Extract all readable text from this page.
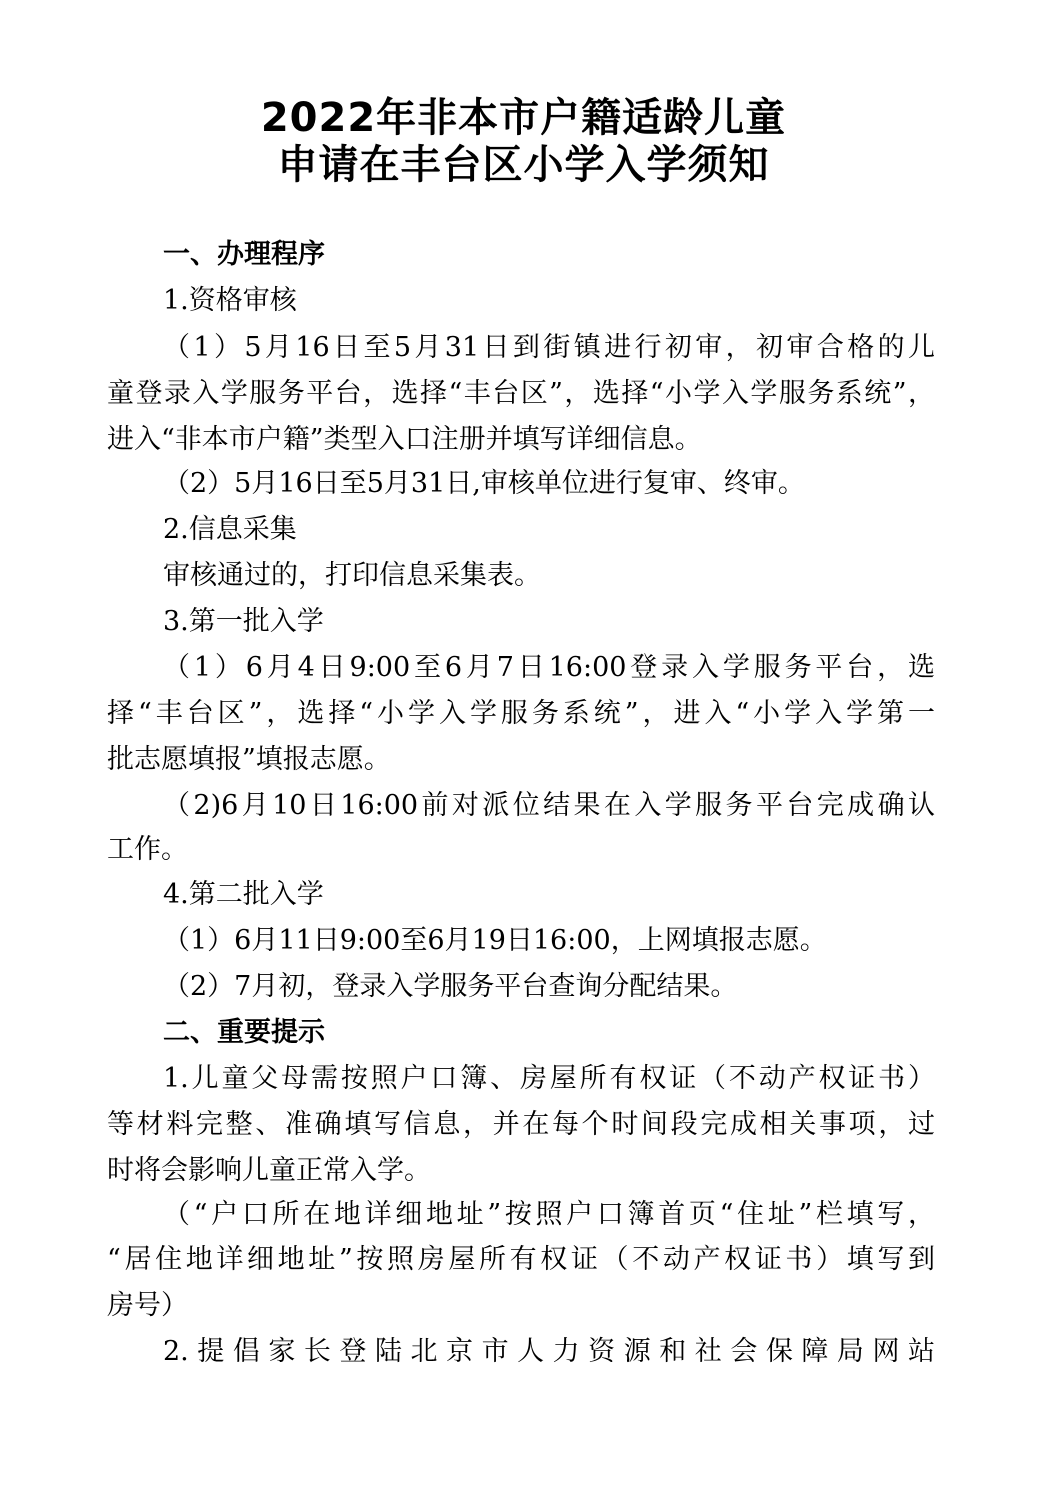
2022年非本市户籍适龄儿童
申请在丰台区小学入学须知
一、办理程序
1.资格审核
（1）5月16日至5月31日到街镇进行初审，初审合格的儿
童登录入学服务平台，选择“丰台区”，选择“小学入学服务系统”，
进入“非本市户籍”类型入口注册并填写详细信息。
（2）5月16日至5月31日,审核单位进行复审、终审。
2.信息采集
审核通过的，打印信息采集表。
3.第一批入学
（1）6月4日9:00至6月7日16:00登录入学服务平台，选
择“丰台区”，选择“小学入学服务系统”，进入“小学入学第一
批志愿填报”填报志愿。
（2)6月10日16:00前对派位结果在入学服务平台完成确认
工作。
4.第二批入学
（1）6月11日9:00至6月19日16:00，上网填报志愿。
（2）7月初，登录入学服务平台查询分配结果。
二、重要提示
1.儿童父母需按照户口簿、房屋所有权证（不动产权证书）
等材料完整、准确填写信息，并在每个时间段完成相关事项，过
时将会影响儿童正常入学。
（“户口所在地详细地址”按照户口簿首页“住址”栏填写，
“居住地详细地址”按照房屋所有权证（不动产权证书）填写到
房号）
2.提倡家长登陆北京市人力资源和社会保障局网站
